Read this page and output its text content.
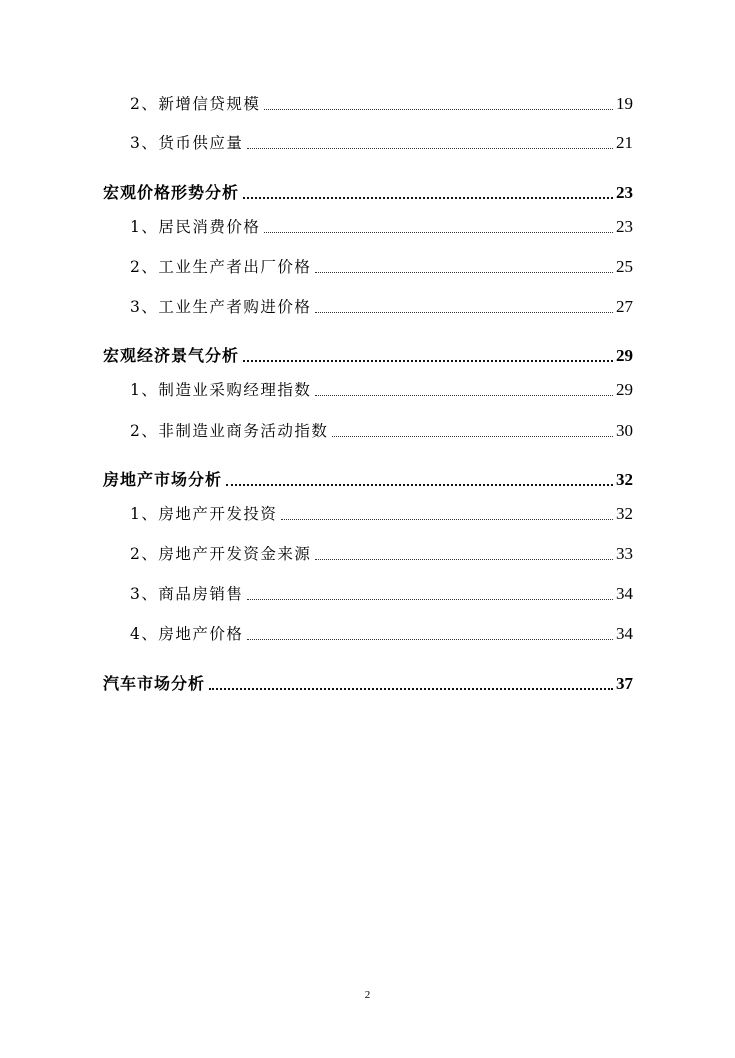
2、新增信贷规模	19
3、货币供应量	21
宏观价格形势分析	23
1、居民消费价格	23
2、工业生产者出厂价格	25
3、工业生产者购进价格	27
宏观经济景气分析	29
1、制造业采购经理指数	29
2、非制造业商务活动指数	30
房地产市场分析	32
1、房地产开发投资	32
2、房地产开发资金来源	33
3、商品房销售	34
4、房地产价格	34
汽车市场分析	37
2
